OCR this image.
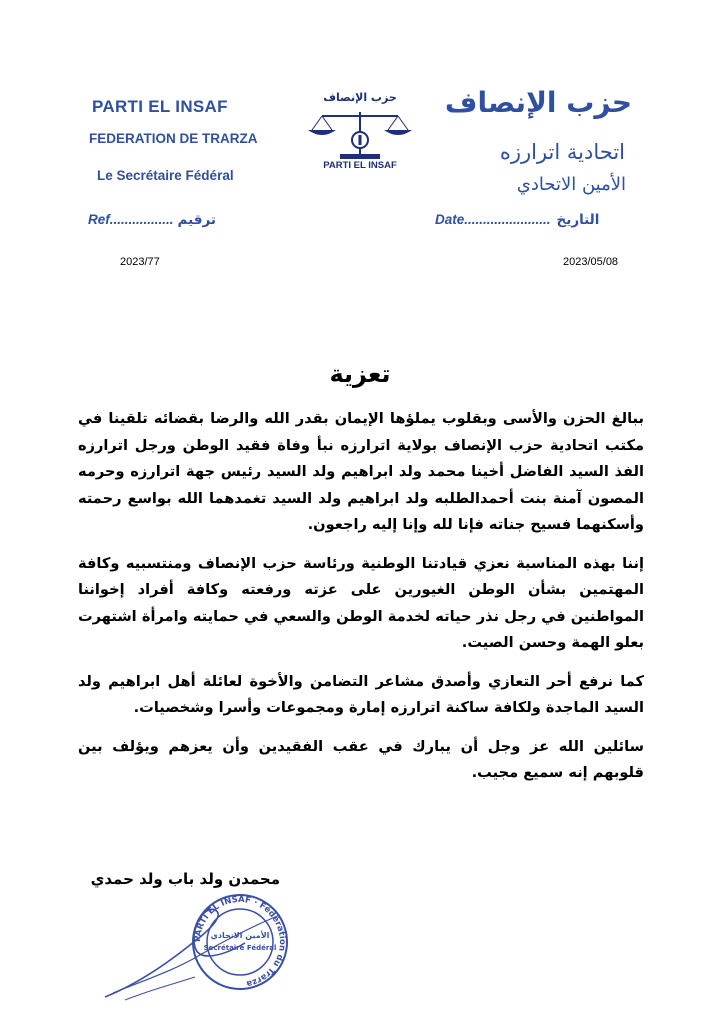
PARTI EL INSAF
FEDERATION DE TRARZA
Le Secrétaire Fédéral
حزب الإنصاف
اتحادية اترارزه
الأمين الاتحادي
حزب الإنصاف
PARTI EL INSAF
Ref................. ترقيم	Date....................... التاريخ
2023/77	2023/05/08
تعزية

ببالغ الحزن والأسى وبقلوب يملؤها الإيمان بقدر الله والرضا بقضائه تلقينا في مكتب اتحادية حزب الإنصاف بولاية اترارزه نبأ وفاة فقيد الوطن ورجل اترارزه الفذ السيد الفاضل أخينا محمد ولد ابراهيم ولد السيد رئيس جهة اترارزه وحرمه المصون آمنة بنت أحمدالطلبه ولد ابراهيم ولد السيد تغمدهما الله بواسع رحمته وأسكنهما فسيح جناته فإنا لله وإنا إليه راجعون.

إننا بهذه المناسبة نعزي قيادتنا الوطنية ورئاسة حزب الإنصاف ومنتسبيه وكافة المهتمين بشأن الوطن الغيورين على عزته ورفعته وكافة أفراد إخواننا المواطنين في رجل نذر حياته لخدمة الوطن والسعي في حمايته وامرأة اشتهرت بعلو الهمة وحسن الصيت.

كما نرفع أحر التعازي وأصدق مشاعر التضامن والأخوة لعائلة أهل ابراهيم ولد السيد الماجدة ولكافة ساكنة اترارزه إمارة ومجموعات وأسرا وشخصيات.

سائلين الله عز وجل أن يبارك في عقب الفقيدين وأن يعزهم ويؤلف بين قلوبهم إنه سميع مجيب.

محمدن ولد باب ولد حمدي
PARTI EL INSAF · Fédération du Trarza
الأمين الاتحادي
Secrétaire Fédéral
